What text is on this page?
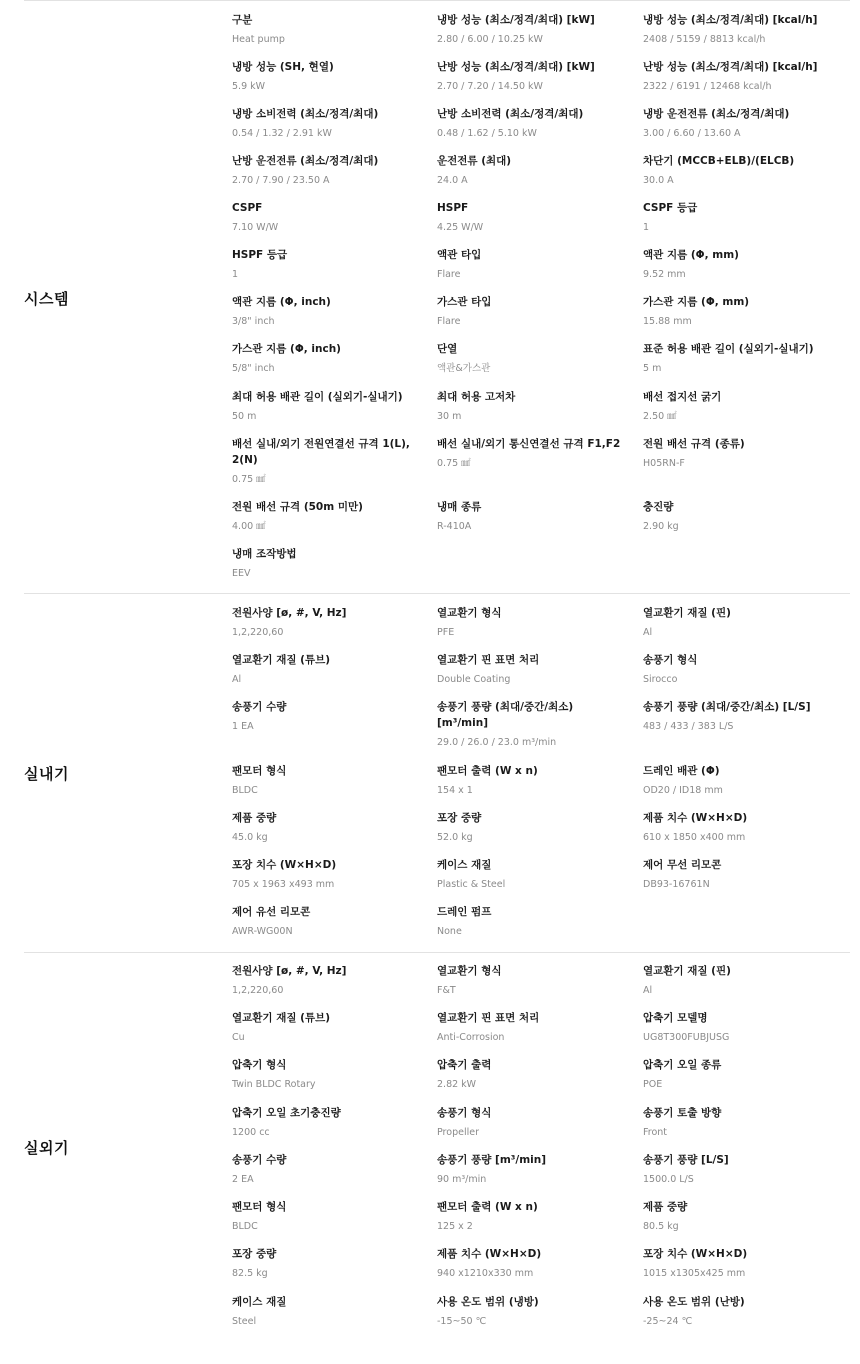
시스템
구분
Heat pump
냉방 성능 (최소/정격/최대) [kW]
2.80 / 6.00 / 10.25 kW
냉방 성능 (최소/정격/최대) [kcal/h]
2408 / 5159 / 8813 kcal/h
냉방 성능 (SH, 현열)
5.9 kW
난방 성능 (최소/정격/최대) [kW]
2.70 / 7.20 / 14.50 kW
난방 성능 (최소/정격/최대) [kcal/h]
2322 / 6191 / 12468 kcal/h
냉방 소비전력 (최소/정격/최대)
0.54 / 1.32 / 2.91 kW
난방 소비전력 (최소/정격/최대)
0.48 / 1.62 / 5.10 kW
냉방 운전전류 (최소/정격/최대)
3.00 / 6.60 / 13.60 A
난방 운전전류 (최소/정격/최대)
2.70 / 7.90 / 23.50 A
운전전류 (최대)
24.0 A
차단기 (MCCB+ELB)/(ELCB)
30.0 A
CSPF
7.10 W/W
HSPF
4.25 W/W
CSPF 등급
1
HSPF 등급
1
액관 타입
Flare
액관 지름 (Φ, mm)
9.52 mm
액관 지름 (Φ, inch)
3/8" inch
가스관 타입
Flare
가스관 지름 (Φ, mm)
15.88 mm
가스관 지름 (Φ, inch)
5/8" inch
단열
액관&가스관
표준 허용 배관 길이 (실외기-실내기)
5 m
최대 허용 배관 길이 (실외기-실내기)
50 m
최대 허용 고저차
30 m
배선 접지선 굵기
2.50 ㎟
배선 실내/외기 전원연결선 규격 1(L), 2(N)
0.75 ㎟
배선 실내/외기 통신연결선 규격 F1,F2
0.75 ㎟
전원 배선 규격 (종류)
H05RN-F
전원 배선 규격 (50m 미만)
4.00 ㎟
냉매 종류
R-410A
충진량
2.90 kg
냉매 조작방법
EEV
실내기
전원사양 [ø, #, V, Hz]
1,2,220,60
열교환기 형식
PFE
열교환기 재질 (핀)
Al
열교환기 재질 (튜브)
Al
열교환기 핀 표면 처리
Double Coating
송풍기 형식
Sirocco
송풍기 수량
1 EA
송풍기 풍량 (최대/중간/최소) [m³/min]
29.0 / 26.0 / 23.0 m³/min
송풍기 풍량 (최대/중간/최소) [L/S]
483 / 433 / 383 L/S
팬모터 형식
BLDC
팬모터 출력 (W x n)
154 x 1
드레인 배관 (Φ)
OD20 / ID18 mm
제품 중량
45.0 kg
포장 중량
52.0 kg
제품 치수 (W×H×D)
610 x 1850 x400 mm
포장 치수 (W×H×D)
705 x 1963 x493 mm
케이스 재질
Plastic & Steel
제어 무선 리모콘
DB93-16761N
제어 유선 리모콘
AWR-WG00N
드레인 펌프
None
실외기
전원사양 [ø, #, V, Hz]
1,2,220,60
열교환기 형식
F&T
열교환기 재질 (핀)
Al
열교환기 재질 (튜브)
Cu
열교환기 핀 표면 처리
Anti-Corrosion
압축기 모델명
UG8T300FUBJUSG
압축기 형식
Twin BLDC Rotary
압축기 출력
2.82 kW
압축기 오일 종류
POE
압축기 오일 초기충진량
1200 cc
송풍기 형식
Propeller
송풍기 토출 방향
Front
송풍기 수량
2 EA
송풍기 풍량 [m³/min]
90 m³/min
송풍기 풍량 [L/S]
1500.0 L/S
팬모터 형식
BLDC
팬모터 출력 (W x n)
125 x 2
제품 중량
80.5 kg
포장 중량
82.5 kg
제품 치수 (W×H×D)
940 x1210x330 mm
포장 치수 (W×H×D)
1015 x1305x425 mm
케이스 재질
Steel
사용 온도 범위 (냉방)
-15~50 ℃
사용 온도 범위 (난방)
-25~24 ℃
